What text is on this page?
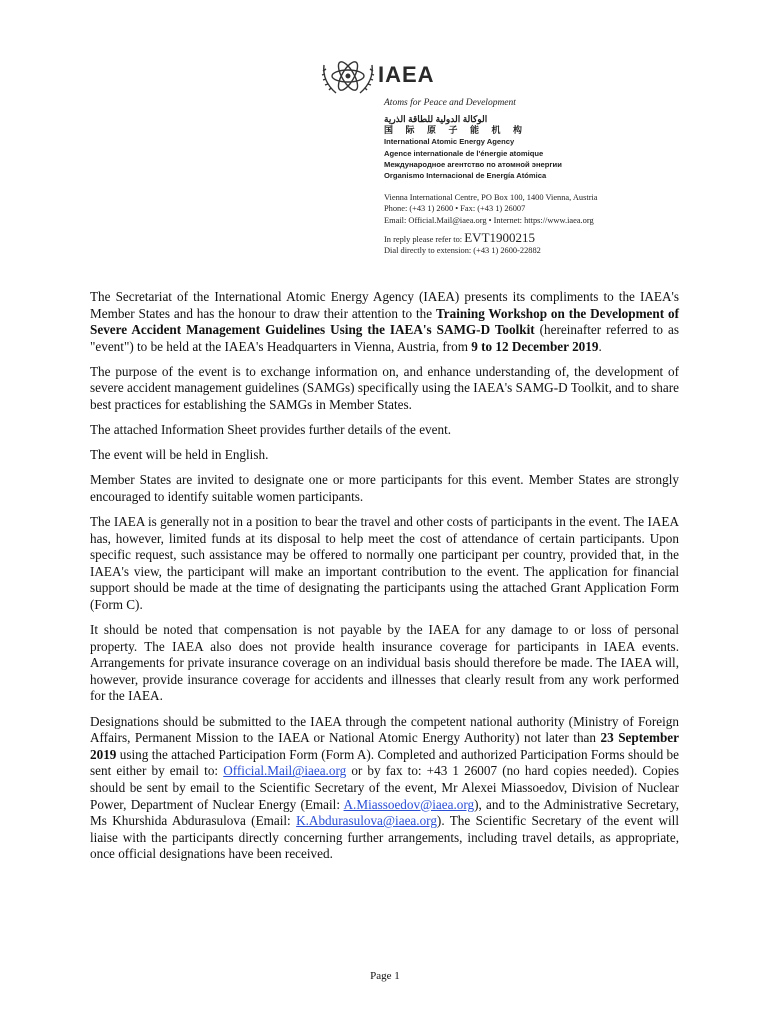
IAEA
Atoms for Peace and Development
الوكالة الدولية للطاقة الذرية
国 际 原 子 能 机 构
International Atomic Energy Agency
Agence internationale de l'énergie atomique
Международное агентство по атомной энергии
Organismo Internacional de Energía Atómica
Vienna International Centre, PO Box 100, 1400 Vienna, Austria
Phone: (+43 1) 2600 • Fax: (+43 1) 26007
Email: Official.Mail@iaea.org • Internet: https://www.iaea.org
In reply please refer to: EVT1900215
Dial directly to extension: (+43 1) 2600-22882

The Secretariat of the International Atomic Energy Agency (IAEA) presents its compliments to the IAEA's Member States and has the honour to draw their attention to the Training Workshop on the Development of Severe Accident Management Guidelines Using the IAEA's SAMG-D Toolkit (hereinafter referred to as "event") to be held at the IAEA's Headquarters in Vienna, Austria, from 9 to 12 December 2019.

The purpose of the event is to exchange information on, and enhance understanding of, the development of severe accident management guidelines (SAMGs) specifically using the IAEA's SAMG-D Toolkit, and to share best practices for establishing the SAMGs in Member States.

The attached Information Sheet provides further details of the event.

The event will be held in English.

Member States are invited to designate one or more participants for this event. Member States are strongly encouraged to identify suitable women participants.

The IAEA is generally not in a position to bear the travel and other costs of participants in the event. The IAEA has, however, limited funds at its disposal to help meet the cost of attendance of certain participants. Upon specific request, such assistance may be offered to normally one participant per country, provided that, in the IAEA's view, the participant will make an important contribution to the event. The application for financial support should be made at the time of designating the participants using the attached Grant Application Form (Form C).

It should be noted that compensation is not payable by the IAEA for any damage to or loss of personal property. The IAEA also does not provide health insurance coverage for participants in IAEA events. Arrangements for private insurance coverage on an individual basis should therefore be made. The IAEA will, however, provide insurance coverage for accidents and illnesses that clearly result from any work performed for the IAEA.

Designations should be submitted to the IAEA through the competent national authority (Ministry of Foreign Affairs, Permanent Mission to the IAEA or National Atomic Energy Authority) not later than 23 September 2019 using the attached Participation Form (Form A). Completed and authorized Participation Forms should be sent either by email to: Official.Mail@iaea.org or by fax to: +43 1 26007 (no hard copies needed). Copies should be sent by email to the Scientific Secretary of the event, Mr Alexei Miassoedov, Division of Nuclear Power, Department of Nuclear Energy (Email: A.Miassoedov@iaea.org), and to the Administrative Secretary, Ms Khurshida Abdurasulova (Email: K.Abdurasulova@iaea.org). The Scientific Secretary of the event will liaise with the participants directly concerning further arrangements, including travel details, as appropriate, once official designations have been received.

Page 1
